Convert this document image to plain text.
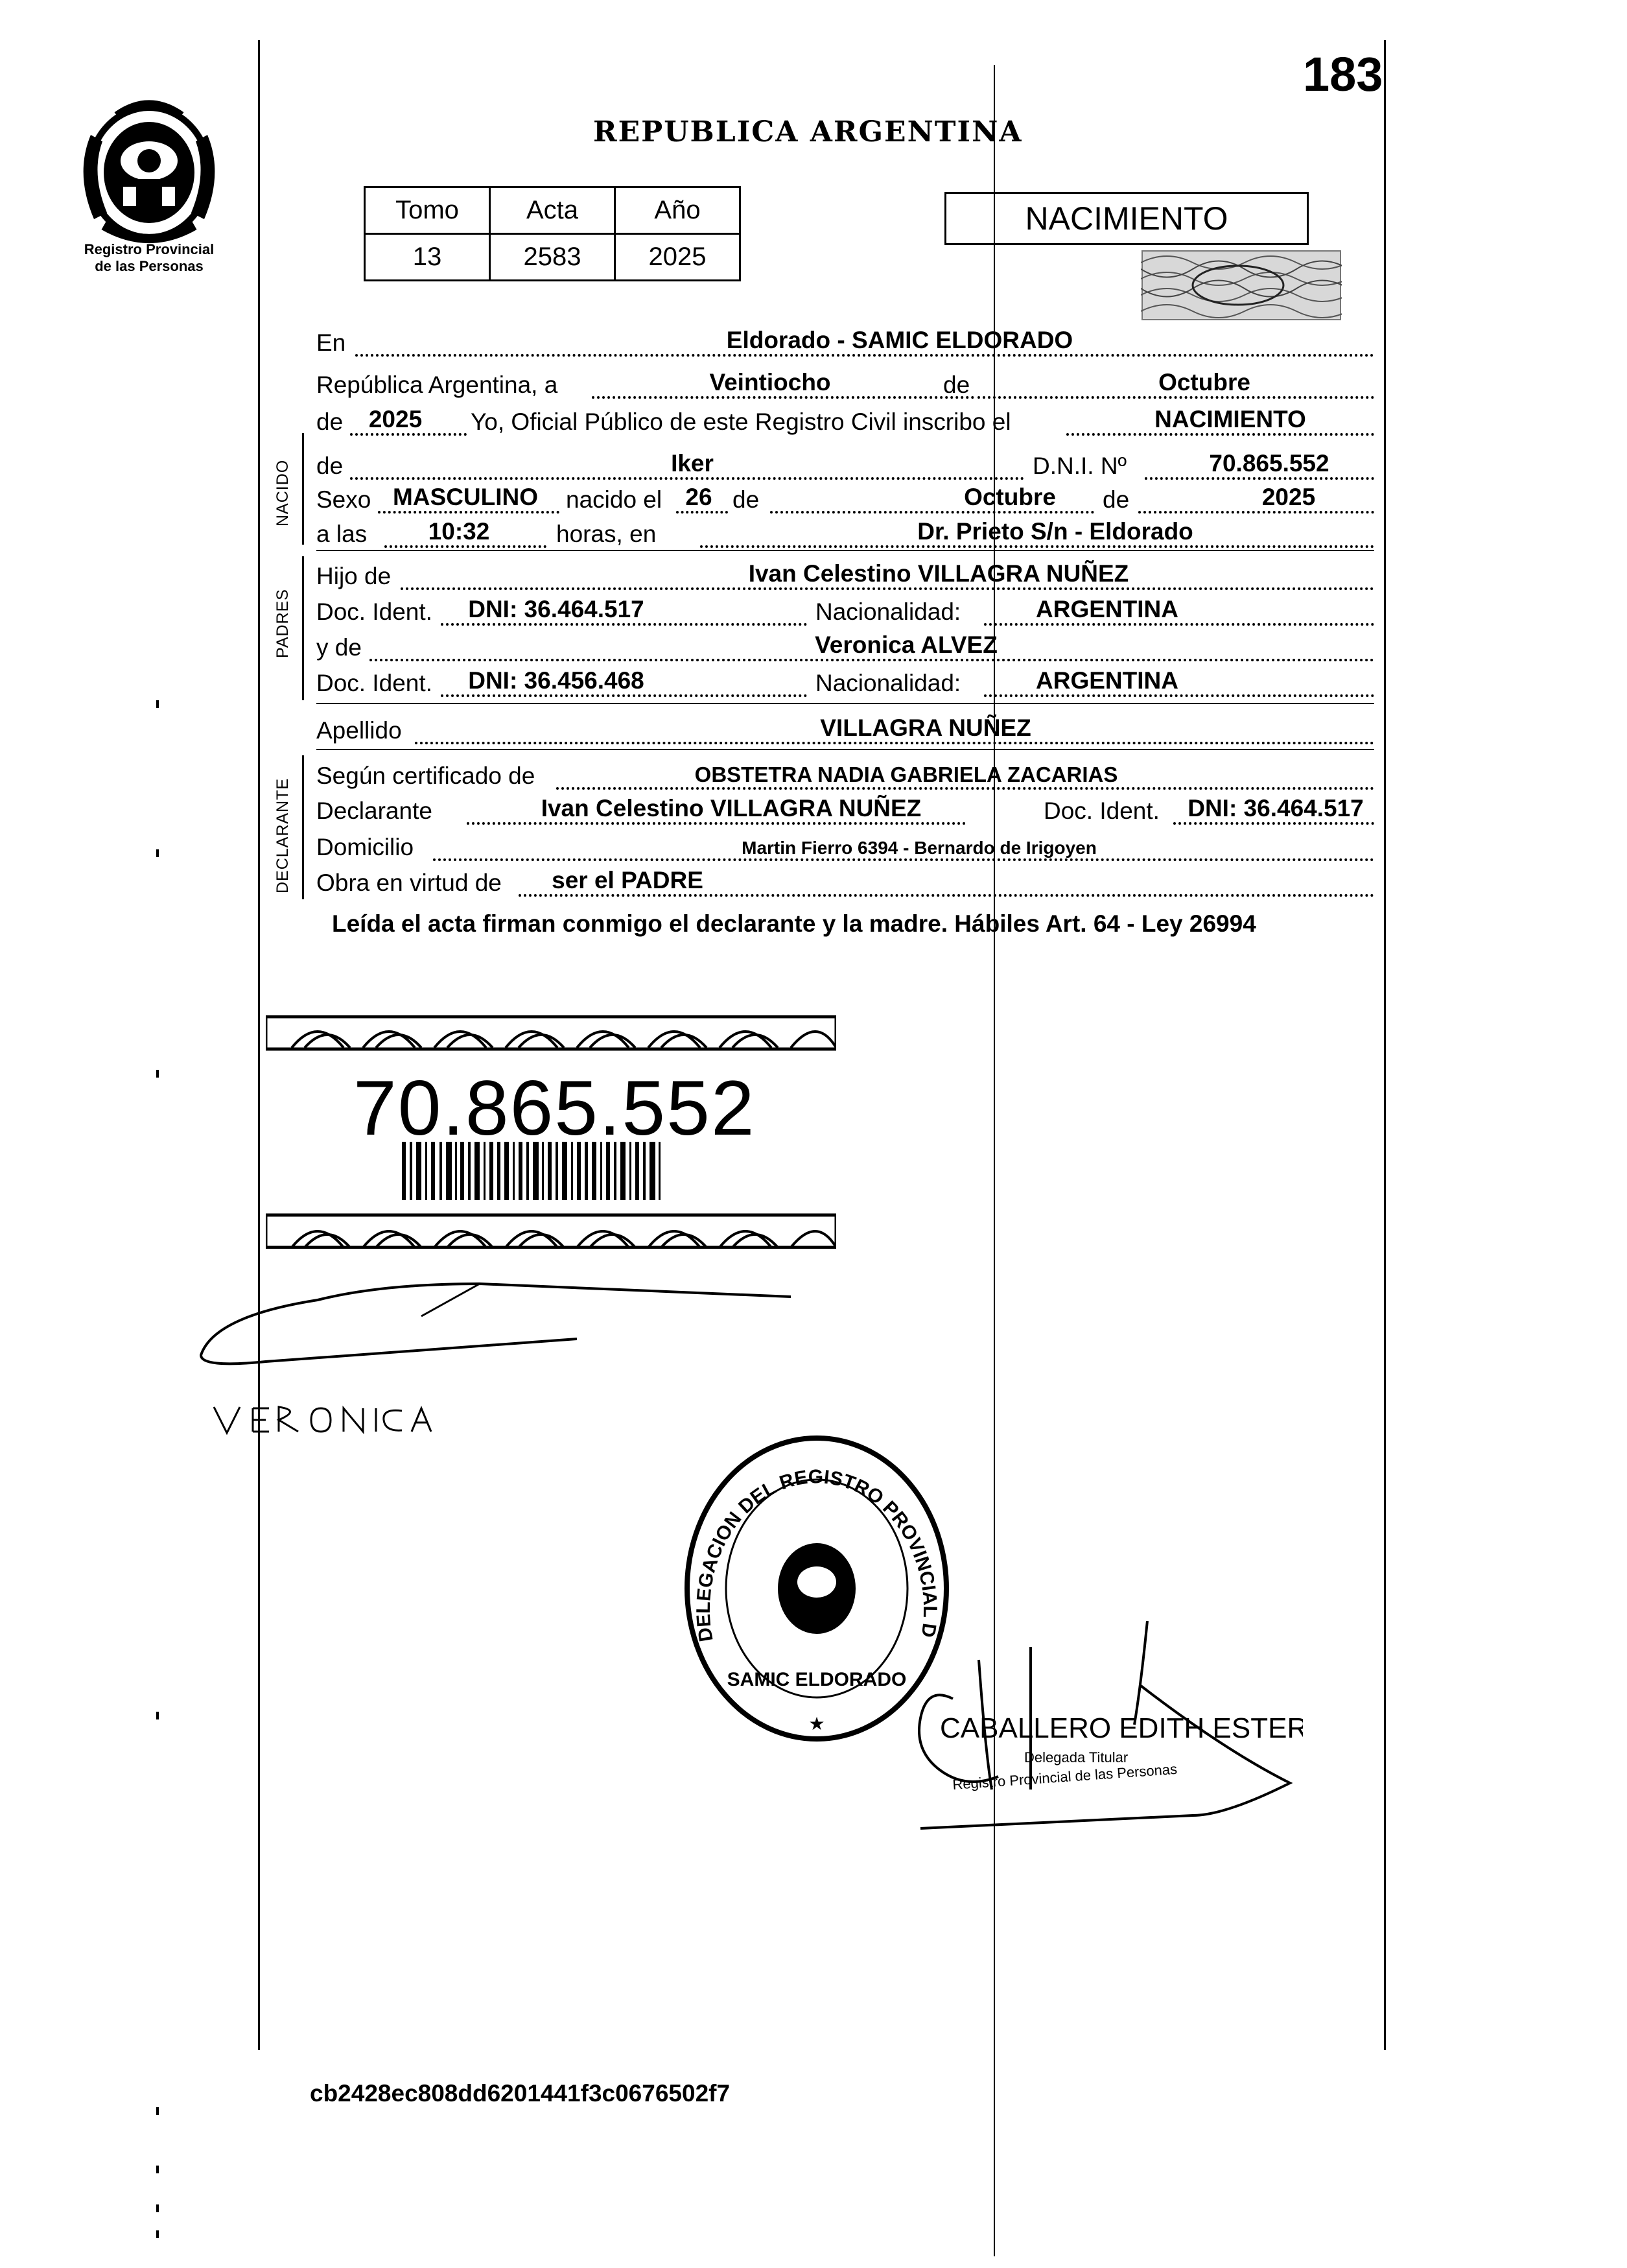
Registro Provincial
de las Personas
183
REPUBLICA ARGENTINA
Tomo	Acta	Año
13	2583	2025
NACIMIENTO
En	Eldorado - SAMIC ELDORADO
República Argentina, a	Veintiocho	de	Octubre
de	2025	Yo, Oficial Público de este Registro Civil inscribo el	NACIMIENTO
NACIDO de	Iker	D.N.I. Nº	70.865.552
Sexo MASCULINO	nacido el 26 de	Octubre	de	2025
a las	10:32	horas, en	Dr. Prieto S/n - Eldorado
PADRES
Hijo de	Ivan Celestino VILLAGRA NUÑEZ
Doc. Ident.	DNI: 36.464.517	Nacionalidad:	ARGENTINA
y de	Veronica ALVEZ
Doc. Ident.	DNI: 36.456.468	Nacionalidad:	ARGENTINA
Apellido	VILLAGRA NUÑEZ
DECLARANTE
Según certificado de	OBSTETRA NADIA GABRIELA ZACARIAS
Declarante	Ivan Celestino VILLAGRA NUÑEZ	Doc. Ident.	DNI: 36.464.517
Domicilio	Martin Fierro 6394 - Bernardo de Irigoyen
Obra en virtud de	ser el PADRE
Leída el acta firman conmigo el declarante y la madre. Hábiles Art. 64 - Ley 26994
70.865.552
DELEGACION DEL REGISTRO PROVINCIAL D
SAMIC ELDORADO
★	CABALLERO EDITH ESTER
Delegada Titular
Registro Provincial de las Personas
cb2428ec808dd6201441f3c0676502f7
